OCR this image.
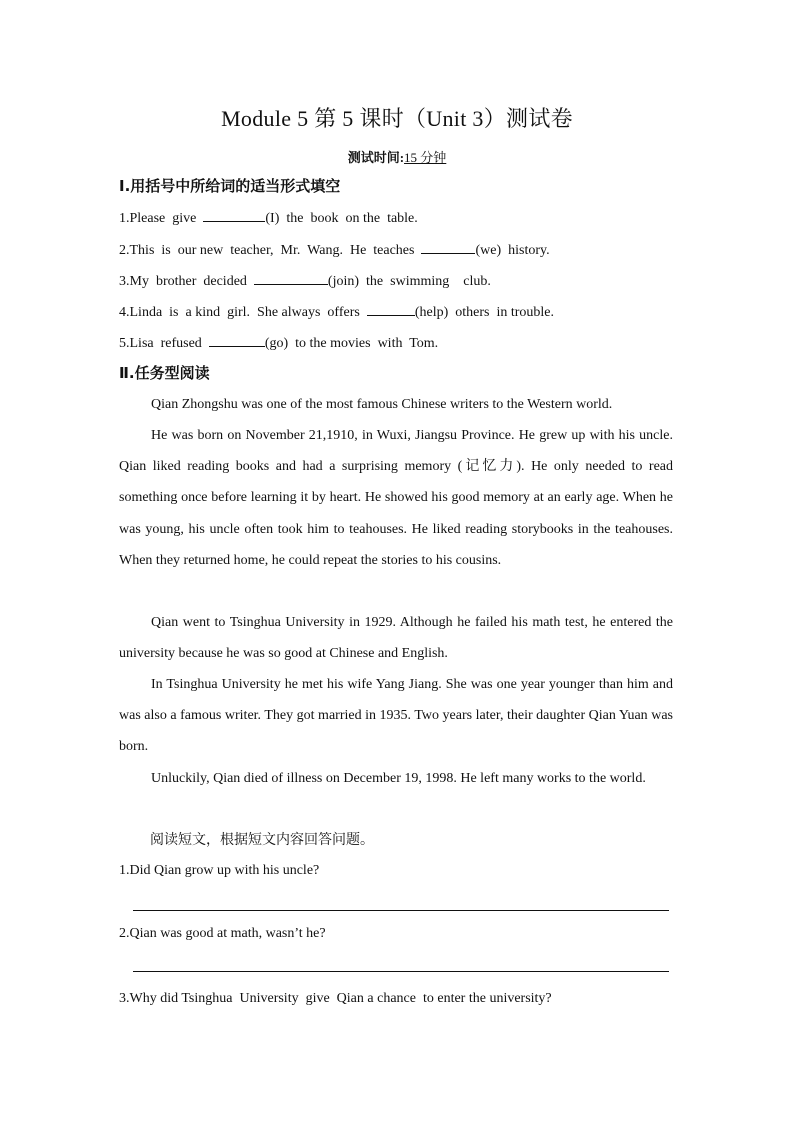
Module 5 第 5 课时（Unit 3）测试卷
测试时间:15 分钟
Ⅰ.用括号中所给词的适当形式填空
1.Please  give	(I)  the  book  on the  table.
2.This  is  our new  teacher,  Mr.  Wang.  He  teaches	(we)  history.
3.My  brother  decided	(join)  the  swimming    club.
4.Linda  is  a kind  girl.  She always  offers	(help)  others  in trouble.
5.Lisa  refused	(go)  to the movies  with  Tom.
Ⅱ.任务型阅读
Qian Zhongshu was one of the most famous Chinese writers to the Western world.
He was born on November 21,1910, in Wuxi, Jiangsu Province. He grew up with his uncle. Qian liked reading books and had a surprising memory (记忆力). He only needed to read something once before learning it by heart. He showed his good memory at an early age. When he was young, his uncle often took him to teahouses. He liked reading storybooks in the teahouses. When they returned home, he could repeat the stories to his cousins.
Qian went to Tsinghua University in 1929. Although he failed his math test, he entered the university because he was so good at Chinese and English.
In Tsinghua University he met his wife Yang Jiang. She was one year younger than him and was also a famous writer. They got married in 1935. Two years later, their daughter Qian Yuan was born.
Unluckily, Qian died of illness on December 19, 1998. He left many works to the world.
阅读短文，根据短文内容回答问题。
1.Did Qian grow up with his uncle?
2.Qian was good at math, wasn’t he?
3.Why did Tsinghua  University  give  Qian a chance  to enter the university?
